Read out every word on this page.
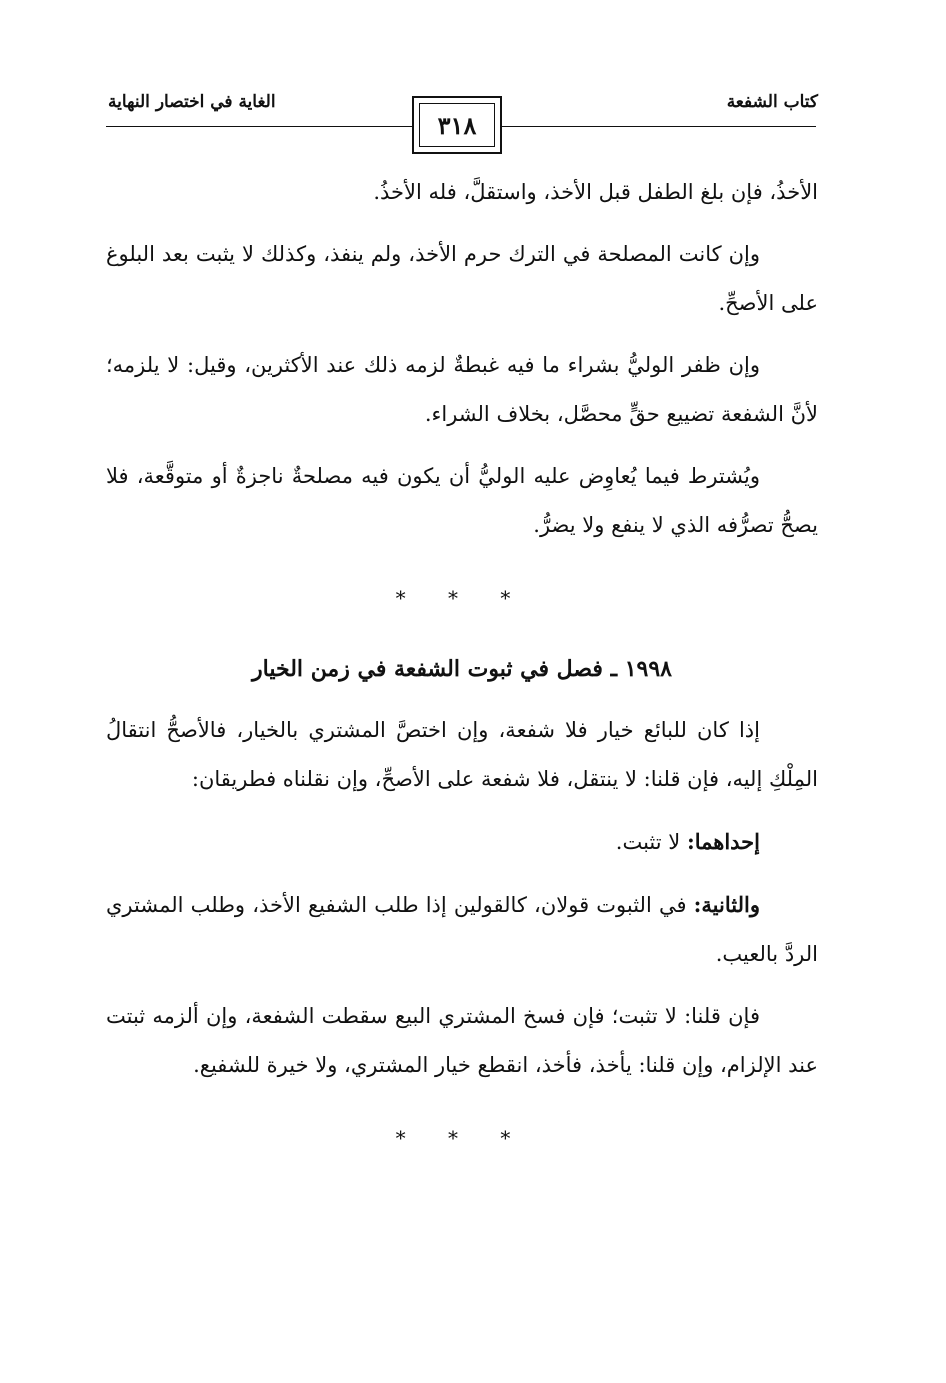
كتاب الشفعة
الغاية في اختصار النهاية
٣١٨

الأخذُ، فإن بلغ الطفل قبل الأخذ، واستقلَّ، فله الأخذُ.

وإن كانت المصلحة في الترك حرم الأخذ، ولم ينفذ، وكذلك لا يثبت بعد البلوغ على الأصحِّ.

وإن ظفر الوليُّ بشراء ما فيه غبطةٌ لزمه ذلك عند الأكثرين، وقيل: لا يلزمه؛ لأنَّ الشفعة تضييع حقٍّ محصَّل، بخلاف الشراء.

ويُشترط فيما يُعاوِض عليه الوليُّ أن يكون فيه مصلحةٌ ناجزةٌ أو متوقَّعة، فلا يصحُّ تصرُّفه الذي لا ينفع ولا يضرُّ.

* * *
١٩٩٨ ـ فصل في ثبوت الشفعة في زمن الخيار

إذا كان للبائع خيار فلا شفعة، وإن اختصَّ المشتري بالخيار، فالأصحُّ انتقالُ المِلْكِ إليه، فإن قلنا: لا ينتقل، فلا شفعة على الأصحِّ، وإن نقلناه فطريقان:

إحداهما: لا تثبت.

والثانية: في الثبوت قولان، كالقولين إذا طلب الشفيع الأخذ، وطلب المشتري الردَّ بالعيب.

فإن قلنا: لا تثبت؛ فإن فسخ المشتري البيع سقطت الشفعة، وإن ألزمه ثبتت عند الإلزام، وإن قلنا: يأخذ، فأخذ، انقطع خيار المشتري، ولا خيرة للشفيع.

* * *
